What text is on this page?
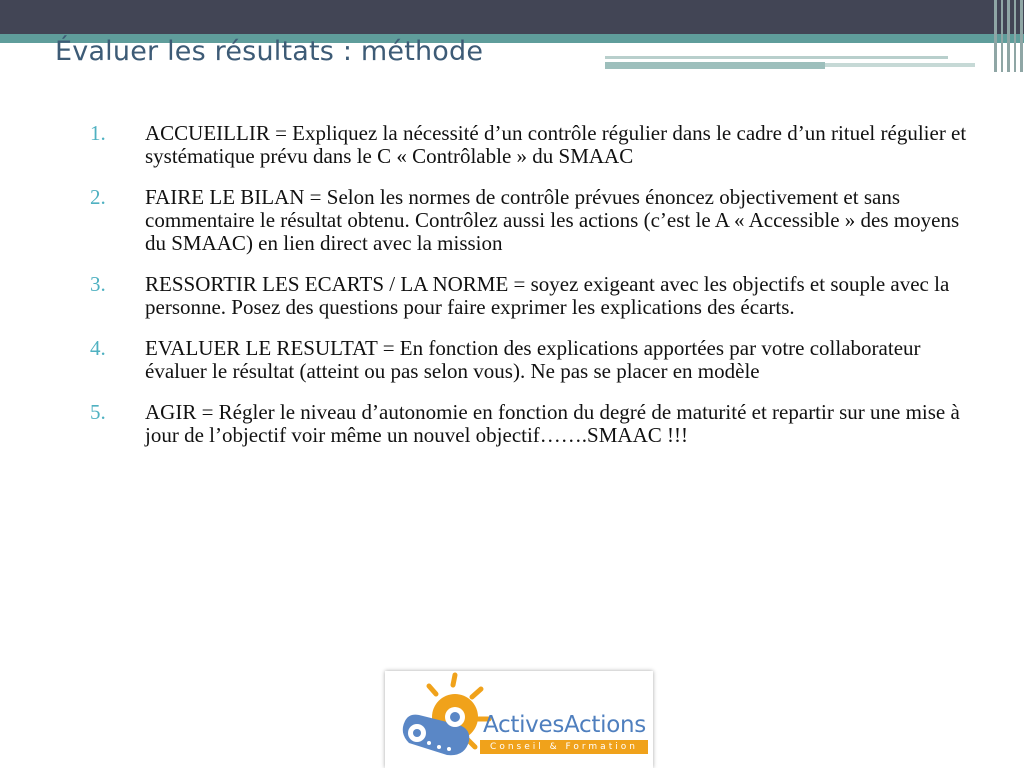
Évaluer les résultats : méthode
1. ACCUEILLIR = Expliquez la nécessité d’un contrôle régulier dans le cadre d’un rituel régulier et systématique prévu dans le C « Contrôlable » du SMAAC
2. FAIRE LE BILAN = Selon les normes de contrôle prévues énoncez objectivement et sans commentaire le résultat obtenu. Contrôlez aussi les actions (c’est le A « Accessible » des moyens du SMAAC) en lien direct avec la mission
3. RESSORTIR LES ECARTS / LA NORME = soyez exigeant avec les objectifs et souple avec la personne. Posez des questions pour faire exprimer les explications des écarts.
4. EVALUER LE RESULTAT = En fonction des explications apportées par votre collaborateur évaluer le résultat (atteint ou pas selon vous). Ne pas se placer en modèle
5. AGIR = Régler le niveau d’autonomie en fonction du degré de maturité et repartir sur une mise à jour de l’objectif voir même un nouvel objectif…….SMAAC !!!
ActivesActions
Conseil & Formation
